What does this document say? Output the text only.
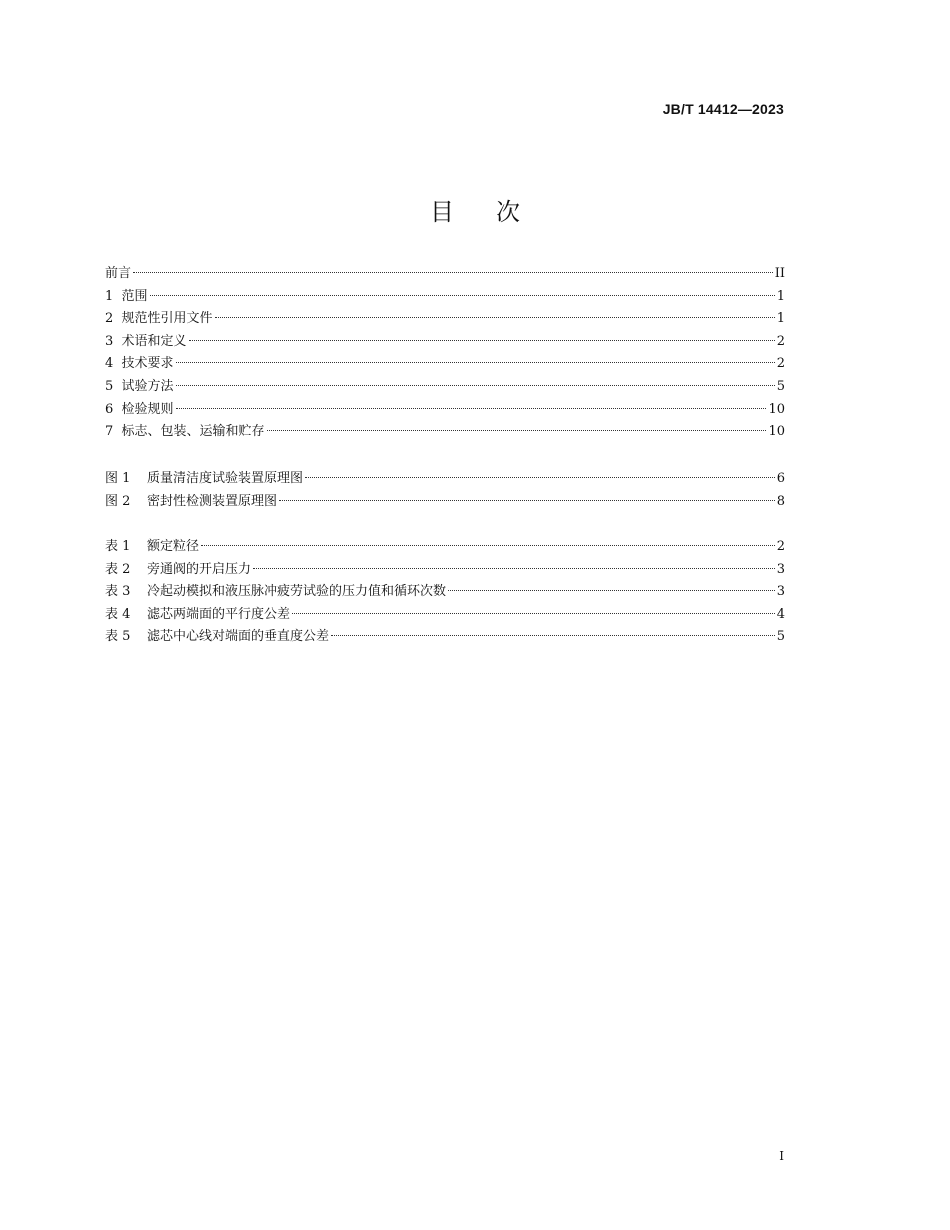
JB/T 14412—2023
目 次
前言	II
1 范围	1
2 规范性引用文件	1
3 术语和定义	2
4 技术要求	2
5 试验方法	5
6 检验规则	10
7 标志、包装、运输和贮存	10
图 1 质量清洁度试验装置原理图	6
图 2 密封性检测装置原理图	8
表 1 额定粒径	2
表 2 旁通阀的开启压力	3
表 3 冷起动模拟和液压脉冲疲劳试验的压力值和循环次数	3
表 4 滤芯两端面的平行度公差	4
表 5 滤芯中心线对端面的垂直度公差	5
I
